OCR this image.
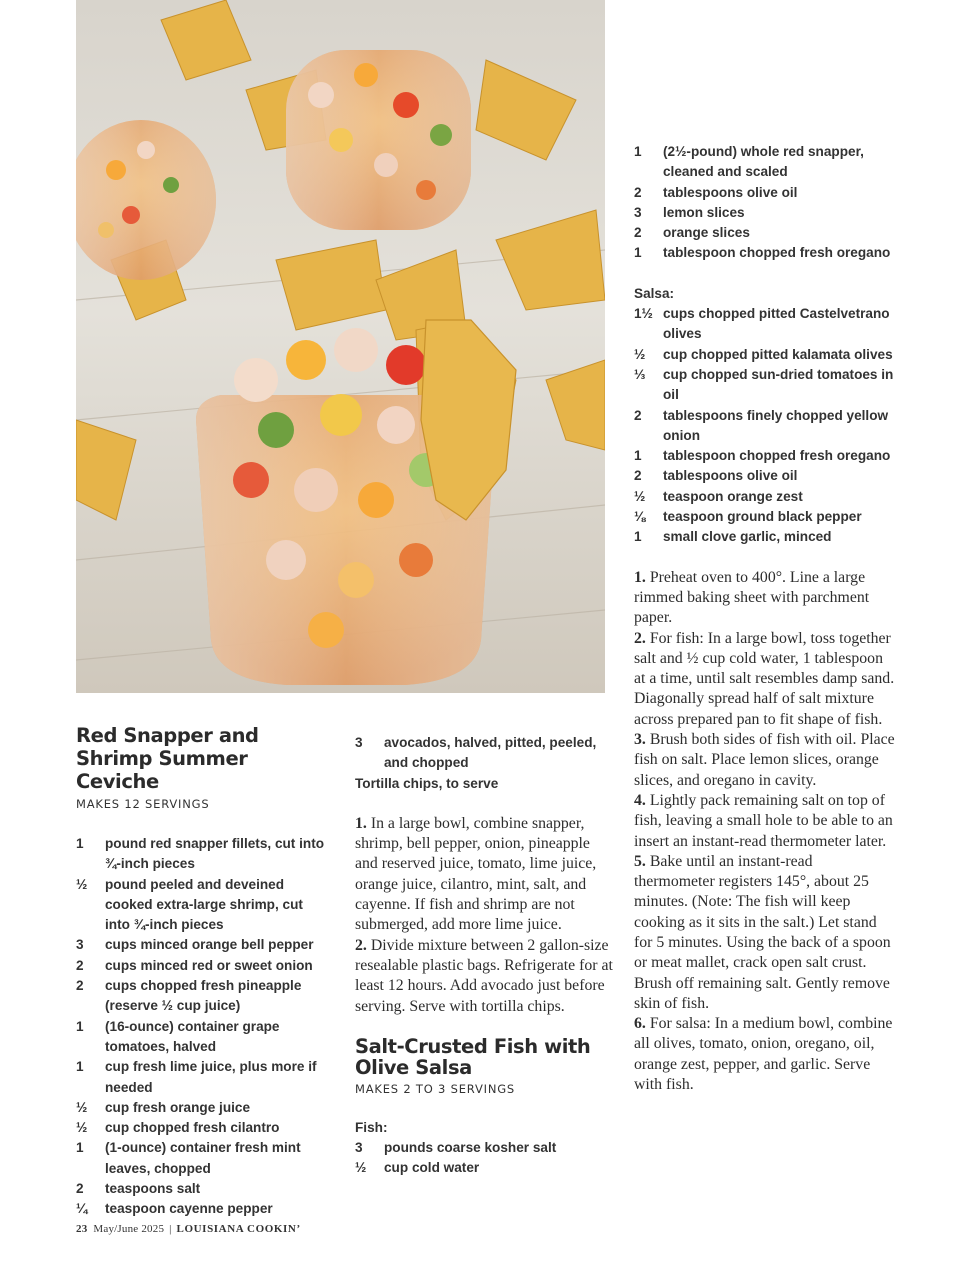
Red Snapper and Shrimp Summer Ceviche
MAKES 12 SERVINGS
1	pound red snapper fillets, cut into ¾-inch pieces
½	pound peeled and deveined cooked extra-large shrimp, cut into ¾-inch pieces
3	cups minced orange bell pepper
2	cups minced red or sweet onion
2	cups chopped fresh pineapple (reserve ½ cup juice)
1	(16-ounce) container grape tomatoes, halved
1	cup fresh lime juice, plus more if needed
½	cup fresh orange juice
½	cup chopped fresh cilantro
1	(1-ounce) container fresh mint leaves, chopped
2	teaspoons salt
¼	teaspoon cayenne pepper
3	avocados, halved, pitted, peeled, and chopped
Tortilla chips, to serve

1. In a large bowl, combine snapper, shrimp, bell pepper, onion, pineapple and reserved juice, tomato, lime juice, orange juice, cilantro, mint, salt, and cayenne. If fish and shrimp are not submerged, add more lime juice.

2. Divide mixture between 2 gallon-size resealable plastic bags. Refrigerate for at least 12 hours. Add avocado just before serving. Serve with tortilla chips.

Salt-Crusted Fish with Olive Salsa
MAKES 2 TO 3 SERVINGS
Fish:
3	pounds coarse kosher salt
½	cup cold water
1	(2½-pound) whole red snapper, cleaned and scaled
2	tablespoons olive oil
3	lemon slices
2	orange slices
1	tablespoon chopped fresh oregano
Salsa:
1½ cups chopped pitted Castelvetrano olives
½	cup chopped pitted kalamata olives
⅓	cup chopped sun-dried tomatoes in oil
2	tablespoons finely chopped yellow onion
1	tablespoon chopped fresh oregano
2	tablespoons olive oil
½	teaspoon orange zest
⅛	teaspoon ground black pepper
1	small clove garlic, minced

1. Preheat oven to 400°. Line a large rimmed baking sheet with parchment paper.

2. For fish: In a large bowl, toss together salt and ½ cup cold water, 1 tablespoon at a time, until salt resembles damp sand. Diagonally spread half of salt mixture across prepared pan to fit shape of fish.

3. Brush both sides of fish with oil. Place fish on salt. Place lemon slices, orange slices, and oregano in cavity.

4. Lightly pack remaining salt on top of fish, leaving a small hole to be able to an insert an instant-read thermometer later.

5. Bake until an instant-read thermometer registers 145°, about 25 minutes. (Note: The fish will keep cooking as it sits in the salt.) Let stand for 5 minutes. Using the back of a spoon or meat mallet, crack open salt crust. Brush off remaining salt. Gently remove skin of fish.

6. For salsa: In a medium bowl, combine all olives, tomato, onion, oregano, oil, orange zest, pepper, and garlic. Serve with fish.

23 May/June 2025 | LOUISIANA COOKIN’
